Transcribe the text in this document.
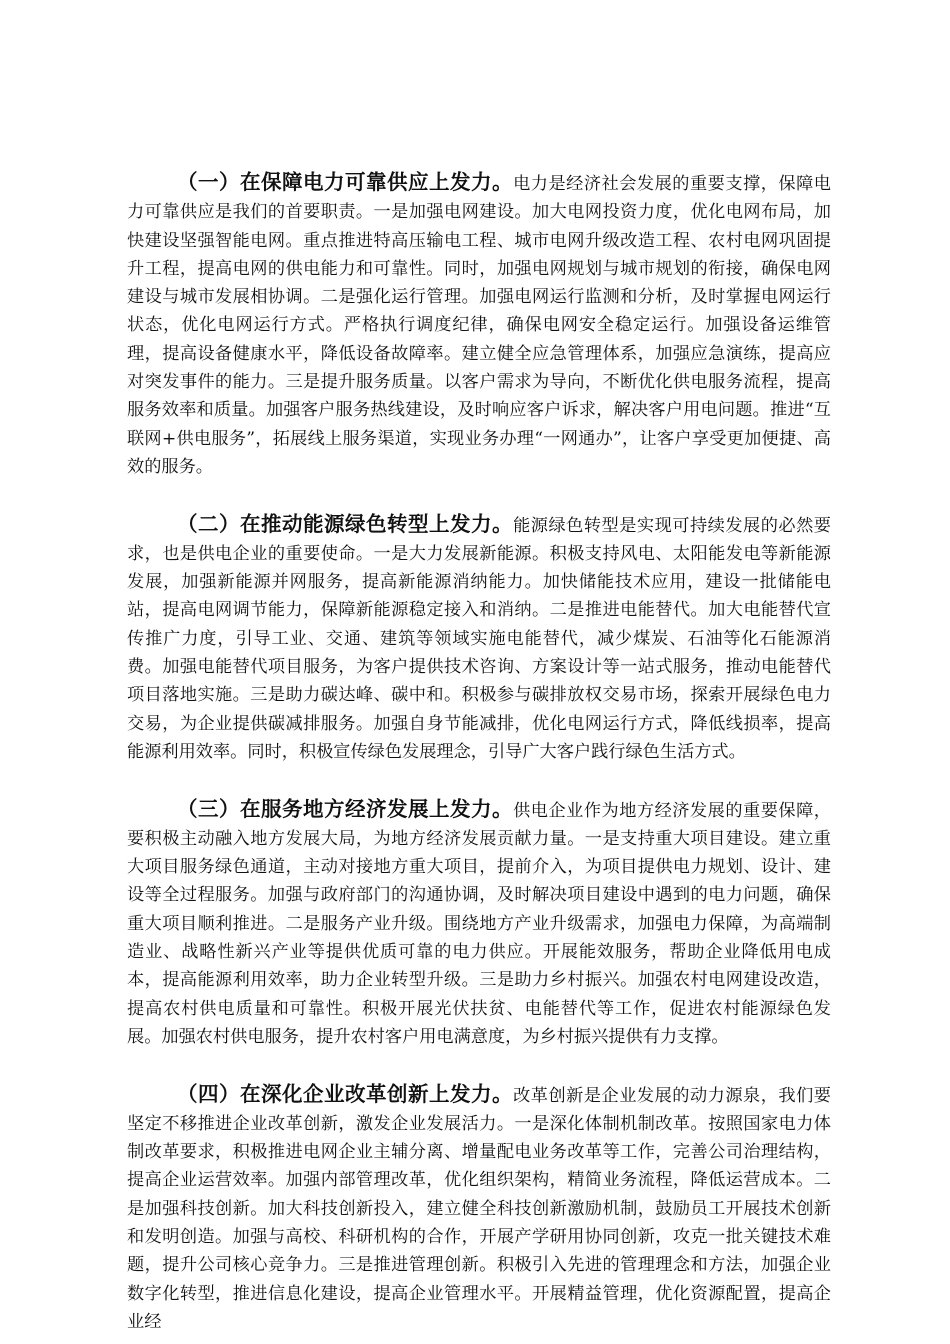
（一）在保障电力可靠供应上发力。电力是经济社会发展的重要支撑，保障电力可靠供应是我们的首要职责。一是加强电网建设。加大电网投资力度，优化电网布局，加快建设坚强智能电网。重点推进特高压输电工程、城市电网升级改造工程、农村电网巩固提升工程，提高电网的供电能力和可靠性。同时，加强电网规划与城市规划的衔接，确保电网建设与城市发展相协调。二是强化运行管理。加强电网运行监测和分析，及时掌握电网运行状态，优化电网运行方式。严格执行调度纪律，确保电网安全稳定运行。加强设备运维管理，提高设备健康水平，降低设备故障率。建立健全应急管理体系，加强应急演练，提高应对突发事件的能力。三是提升服务质量。以客户需求为导向，不断优化供电服务流程，提高服务效率和质量。加强客户服务热线建设，及时响应客户诉求，解决客户用电问题。推进“互联网+供电服务”，拓展线上服务渠道，实现业务办理“一网通办”，让客户享受更加便捷、高效的服务。

（二）在推动能源绿色转型上发力。能源绿色转型是实现可持续发展的必然要求，也是供电企业的重要使命。一是大力发展新能源。积极支持风电、太阳能发电等新能源发展，加强新能源并网服务，提高新能源消纳能力。加快储能技术应用，建设一批储能电站，提高电网调节能力，保障新能源稳定接入和消纳。二是推进电能替代。加大电能替代宣传推广力度，引导工业、交通、建筑等领域实施电能替代，减少煤炭、石油等化石能源消费。加强电能替代项目服务，为客户提供技术咨询、方案设计等一站式服务，推动电能替代项目落地实施。三是助力碳达峰、碳中和。积极参与碳排放权交易市场，探索开展绿色电力交易，为企业提供碳减排服务。加强自身节能减排，优化电网运行方式，降低线损率，提高能源利用效率。同时，积极宣传绿色发展理念，引导广大客户践行绿色生活方式。

（三）在服务地方经济发展上发力。供电企业作为地方经济发展的重要保障，要积极主动融入地方发展大局，为地方经济发展贡献力量。一是支持重大项目建设。建立重大项目服务绿色通道，主动对接地方重大项目，提前介入，为项目提供电力规划、设计、建设等全过程服务。加强与政府部门的沟通协调，及时解决项目建设中遇到的电力问题，确保重大项目顺利推进。二是服务产业升级。围绕地方产业升级需求，加强电力保障，为高端制造业、战略性新兴产业等提供优质可靠的电力供应。开展能效服务，帮助企业降低用电成本，提高能源利用效率，助力企业转型升级。三是助力乡村振兴。加强农村电网建设改造，提高农村供电质量和可靠性。积极开展光伏扶贫、电能替代等工作，促进农村能源绿色发展。加强农村供电服务，提升农村客户用电满意度，为乡村振兴提供有力支撑。

（四）在深化企业改革创新上发力。改革创新是企业发展的动力源泉，我们要坚定不移推进企业改革创新，激发企业发展活力。一是深化体制机制改革。按照国家电力体制改革要求，积极推进电网企业主辅分离、增量配电业务改革等工作，完善公司治理结构，提高企业运营效率。加强内部管理改革，优化组织架构，精简业务流程，降低运营成本。二是加强科技创新。加大科技创新投入，建立健全科技创新激励机制，鼓励员工开展技术创新和发明创造。加强与高校、科研机构的合作，开展产学研用协同创新，攻克一批关键技术难题，提升公司核心竞争力。三是推进管理创新。积极引入先进的管理理念和方法，加强企业数字化转型，推进信息化建设，提高企业管理水平。开展精益管理，优化资源配置，提高企业经
